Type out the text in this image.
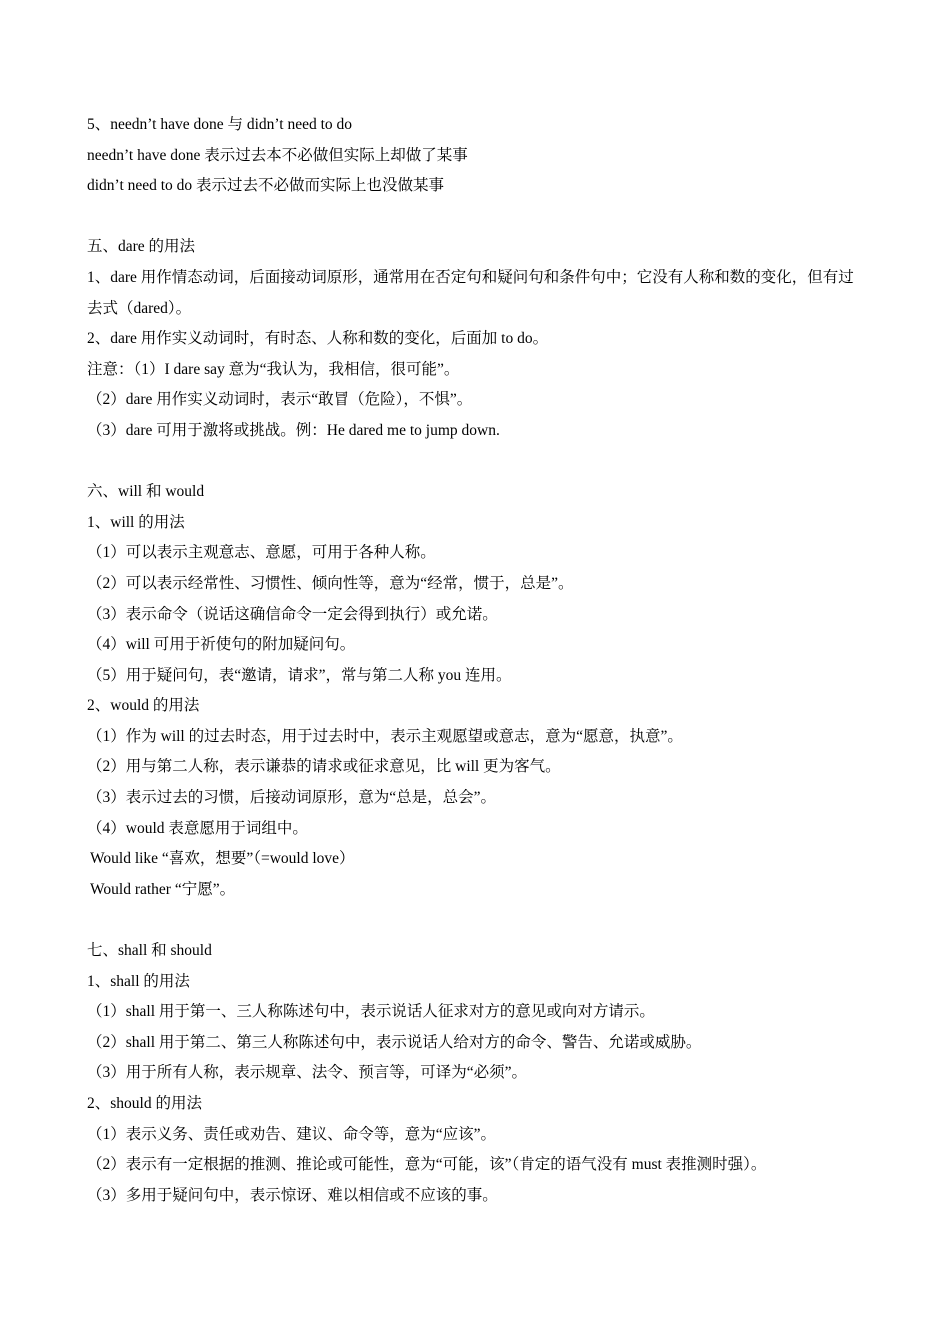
5、needn’t have done 与 didn’t need to do
needn’t have done 表示过去本不必做但实际上却做了某事
didn’t need to do 表示过去不必做而实际上也没做某事
五、dare 的用法
1、dare 用作情态动词，后面接动词原形，通常用在否定句和疑问句和条件句中；它没有人称和数的变化，但有过去式（dared）。
2、dare 用作实义动词时，有时态、人称和数的变化，后面加 to do。
注意：（1）I dare say 意为“我认为，我相信，很可能”。
（2）dare 用作实义动词时，表示“敢冒（危险），不惧”。
（3）dare 可用于激将或挑战。例：He dared me to jump down.
六、will 和 would
1、will 的用法
（1）可以表示主观意志、意愿，可用于各种人称。
（2）可以表示经常性、习惯性、倾向性等，意为“经常，惯于，总是”。
（3）表示命令（说话这确信命令一定会得到执行）或允诺。
（4）will 可用于祈使句的附加疑问句。
（5）用于疑问句，表“邀请，请求”，常与第二人称 you 连用。
2、would 的用法
（1）作为 will 的过去时态，用于过去时中，表示主观愿望或意志，意为“愿意，执意”。
（2）用与第二人称，表示谦恭的请求或征求意见，比 will 更为客气。
（3）表示过去的习惯，后接动词原形，意为“总是，总会”。
（4）would 表意愿用于词组中。
Would like “喜欢，想要”（=would love）
Would rather “宁愿”。
七、shall 和 should
1、shall 的用法
（1）shall 用于第一、三人称陈述句中，表示说话人征求对方的意见或向对方请示。
（2）shall 用于第二、第三人称陈述句中，表示说话人给对方的命令、警告、允诺或威胁。
（3）用于所有人称，表示规章、法令、预言等，可译为“必须”。
2、should 的用法
（1）表示义务、责任或劝告、建议、命令等，意为“应该”。
（2）表示有一定根据的推测、推论或可能性，意为“可能，该”（肯定的语气没有 must 表推测时强）。
（3）多用于疑问句中，表示惊讶、难以相信或不应该的事。
